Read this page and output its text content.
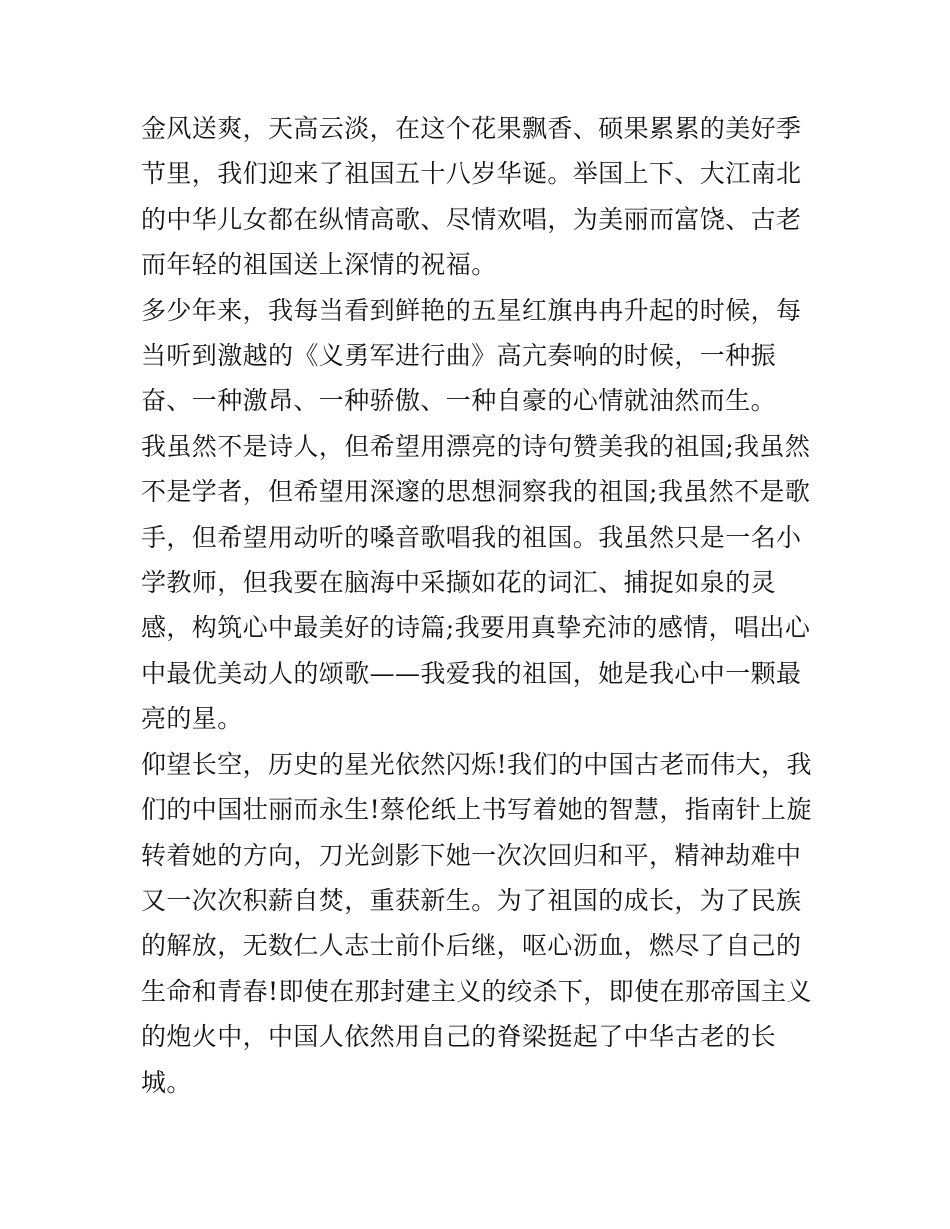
金风送爽，天高云淡，在这个花果飘香、硕果累累的美好季节里，我们迎来了祖国五十八岁华诞。举国上下、大江南北的中华儿女都在纵情高歌、尽情欢唱，为美丽而富饶、古老而年轻的祖国送上深情的祝福。

多少年来，我每当看到鲜艳的五星红旗冉冉升起的时候，每当听到激越的《义勇军进行曲》高亢奏响的时候，一种振奋、一种激昂、一种骄傲、一种自豪的心情就油然而生。

我虽然不是诗人，但希望用漂亮的诗句赞美我的祖国;我虽然不是学者，但希望用深邃的思想洞察我的祖国;我虽然不是歌手，但希望用动听的嗓音歌唱我的祖国。我虽然只是一名小学教师，但我要在脑海中采撷如花的词汇、捕捉如泉的灵感，构筑心中最美好的诗篇;我要用真挚充沛的感情，唱出心中最优美动人的颂歌——我爱我的祖国，她是我心中一颗最亮的星。

仰望长空，历史的星光依然闪烁!我们的中国古老而伟大，我们的中国壮丽而永生!蔡伦纸上书写着她的智慧，指南针上旋转着她的方向，刀光剑影下她一次次回归和平，精神劫难中又一次次积薪自焚，重获新生。为了祖国的成长，为了民族的解放，无数仁人志士前仆后继，呕心沥血，燃尽了自己的生命和青春!即使在那封建主义的绞杀下，即使在那帝国主义的炮火中，中国人依然用自己的脊梁挺起了中华古老的长城。
